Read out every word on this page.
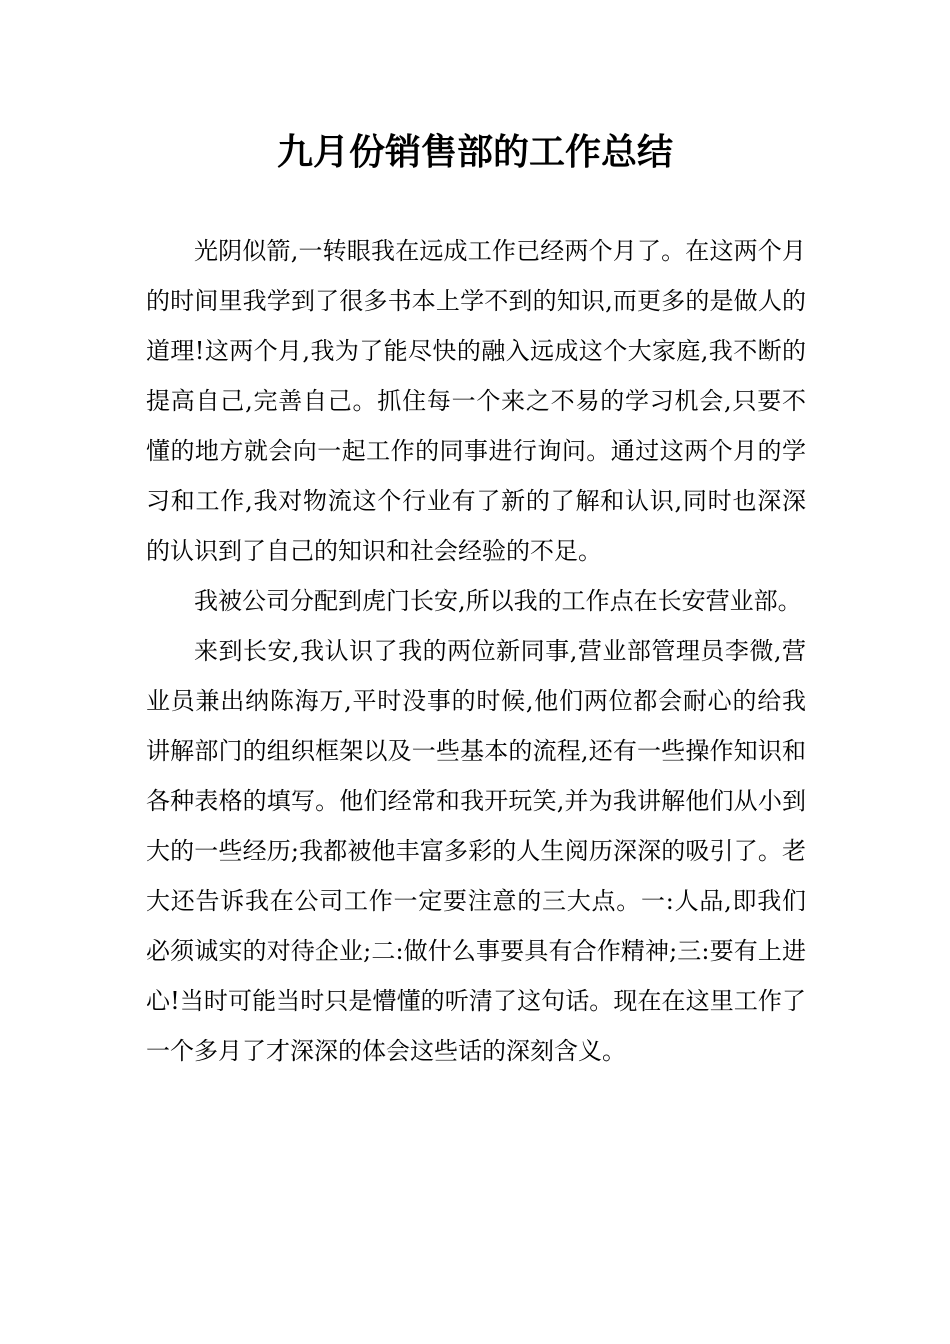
九月份销售部的工作总结

光阴似箭,一转眼我在远成工作已经两个月了。在这两个月的时间里我学到了很多书本上学不到的知识,而更多的是做人的道理!这两个月,我为了能尽快的融入远成这个大家庭,我不断的提高自己,完善自己。抓住每一个来之不易的学习机会,只要不懂的地方就会向一起工作的同事进行询问。通过这两个月的学习和工作,我对物流这个行业有了新的了解和认识,同时也深深的认识到了自己的知识和社会经验的不足。

我被公司分配到虎门长安,所以我的工作点在长安营业部。

来到长安,我认识了我的两位新同事,营业部管理员李微,营业员兼出纳陈海万,平时没事的时候,他们两位都会耐心的给我讲解部门的组织框架以及一些基本的流程,还有一些操作知识和各种表格的填写。他们经常和我开玩笑,并为我讲解他们从小到大的一些经历;我都被他丰富多彩的人生阅历深深的吸引了。老大还告诉我在公司工作一定要注意的三大点。一:人品,即我们必须诚实的对待企业;二:做什么事要具有合作精神;三:要有上进心!当时可能当时只是懵懂的听清了这句话。现在在这里工作了一个多月了才深深的体会这些话的深刻含义。
